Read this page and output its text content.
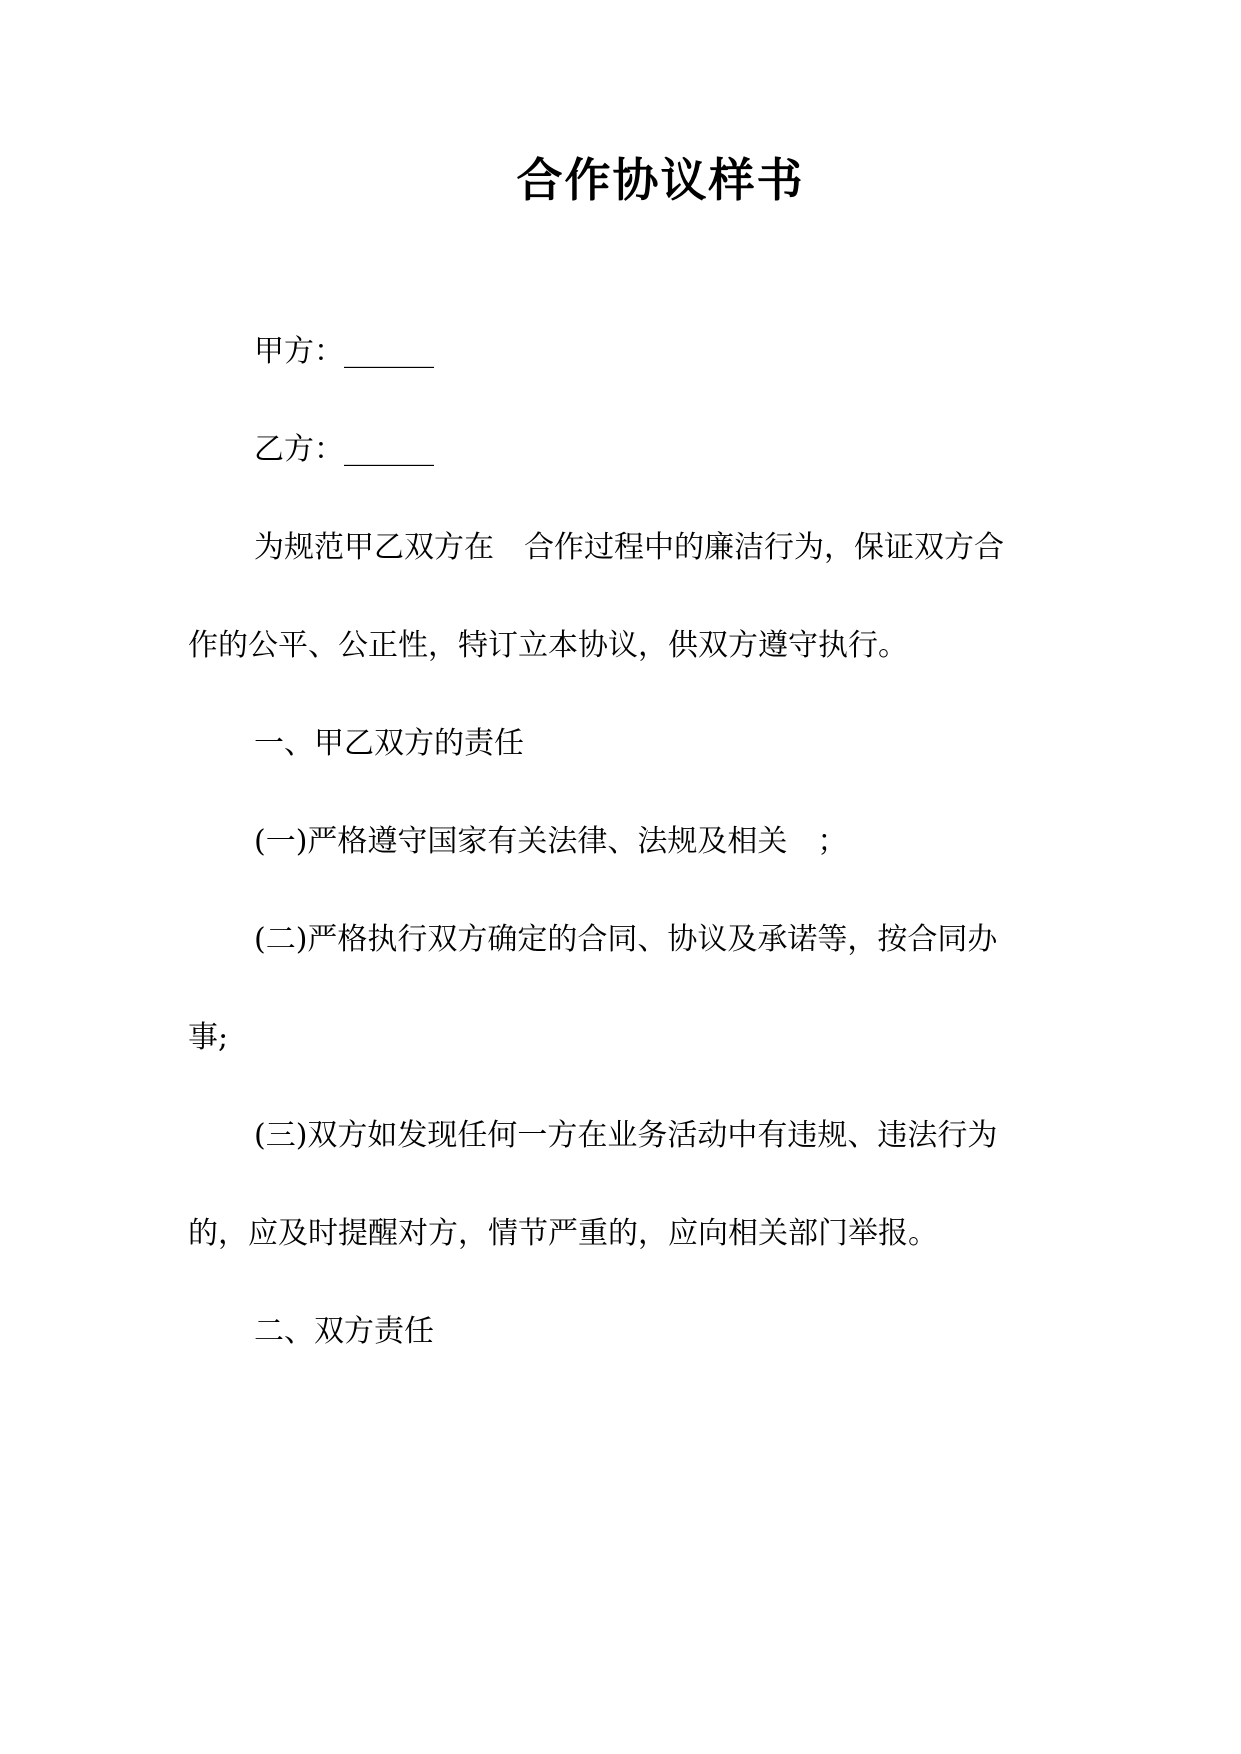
合作协议样书

甲方：______

乙方：______

为规范甲乙双方在　合作过程中的廉洁行为，保证双方合作的公平、公正性，特订立本协议，供双方遵守执行。

一、甲乙双方的责任

(一)严格遵守国家有关法律、法规及相关　；

(二)严格执行双方确定的合同、协议及承诺等，按合同办事;

(三)双方如发现任何一方在业务活动中有违规、违法行为的，应及时提醒对方，情节严重的，应向相关部门举报。

二、双方责任
